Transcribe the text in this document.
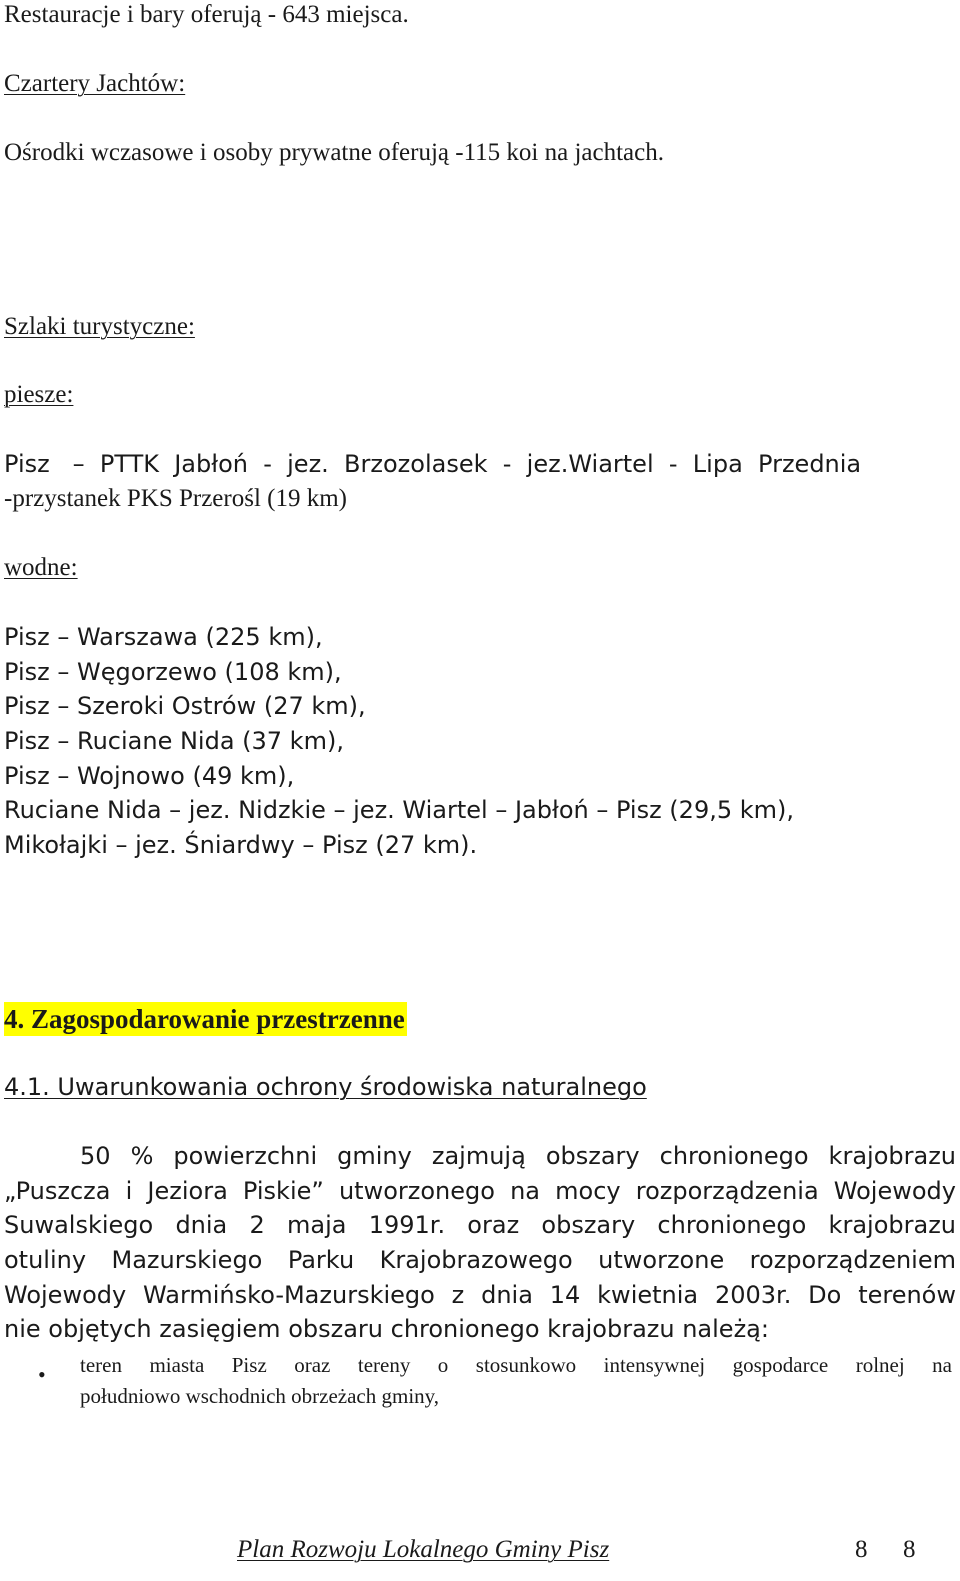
Restauracje i bary oferują - 643 miejsca.
Czartery Jachtów:
Ośrodki wczasowe i osoby prywatne oferują -115 koi na jachtach.
Szlaki turystyczne:
piesze:
Pisz   –  PTTK  Jabłoń  -  jez.  Brzozolasek  -  jez.Wiartel  -  Lipa  Przednia
-przystanek PKS Przerośl (19 km)
wodne:
Pisz – Warszawa (225 km),
Pisz – Węgorzewo (108 km),
Pisz – Szeroki Ostrów (27 km),
Pisz – Ruciane Nida (37 km),
Pisz – Wojnowo (49 km),
Ruciane Nida – jez. Nidzkie – jez. Wiartel – Jabłoń – Pisz (29,5 km),
Mikołajki – jez. Śniardwy – Pisz (27 km).
4. Zagospodarowanie przestrzenne
4.1. Uwarunkowania ochrony środowiska naturalnego
50 % powierzchni gminy zajmują obszary chronionego krajobrazu
„Puszcza i Jeziora Piskie” utworzonego na mocy rozporządzenia Wojewody
Suwalskiego dnia 2 maja 1991r. oraz obszary chronionego krajobrazu
otuliny Mazurskiego Parku Krajobrazowego utworzone rozporządzeniem
Wojewody Warmińsko-Mazurskiego z dnia 14 kwietnia 2003r. Do terenów
nie objętych zasięgiem obszaru chronionego krajobrazu należą:
• teren miasta Pisz oraz tereny o stosunkowo intensywnej gospodarce rolnej na
południowo wschodnich obrzeżach gminy,
Plan Rozwoju Lokalnego Gminy Pisz	8 8
